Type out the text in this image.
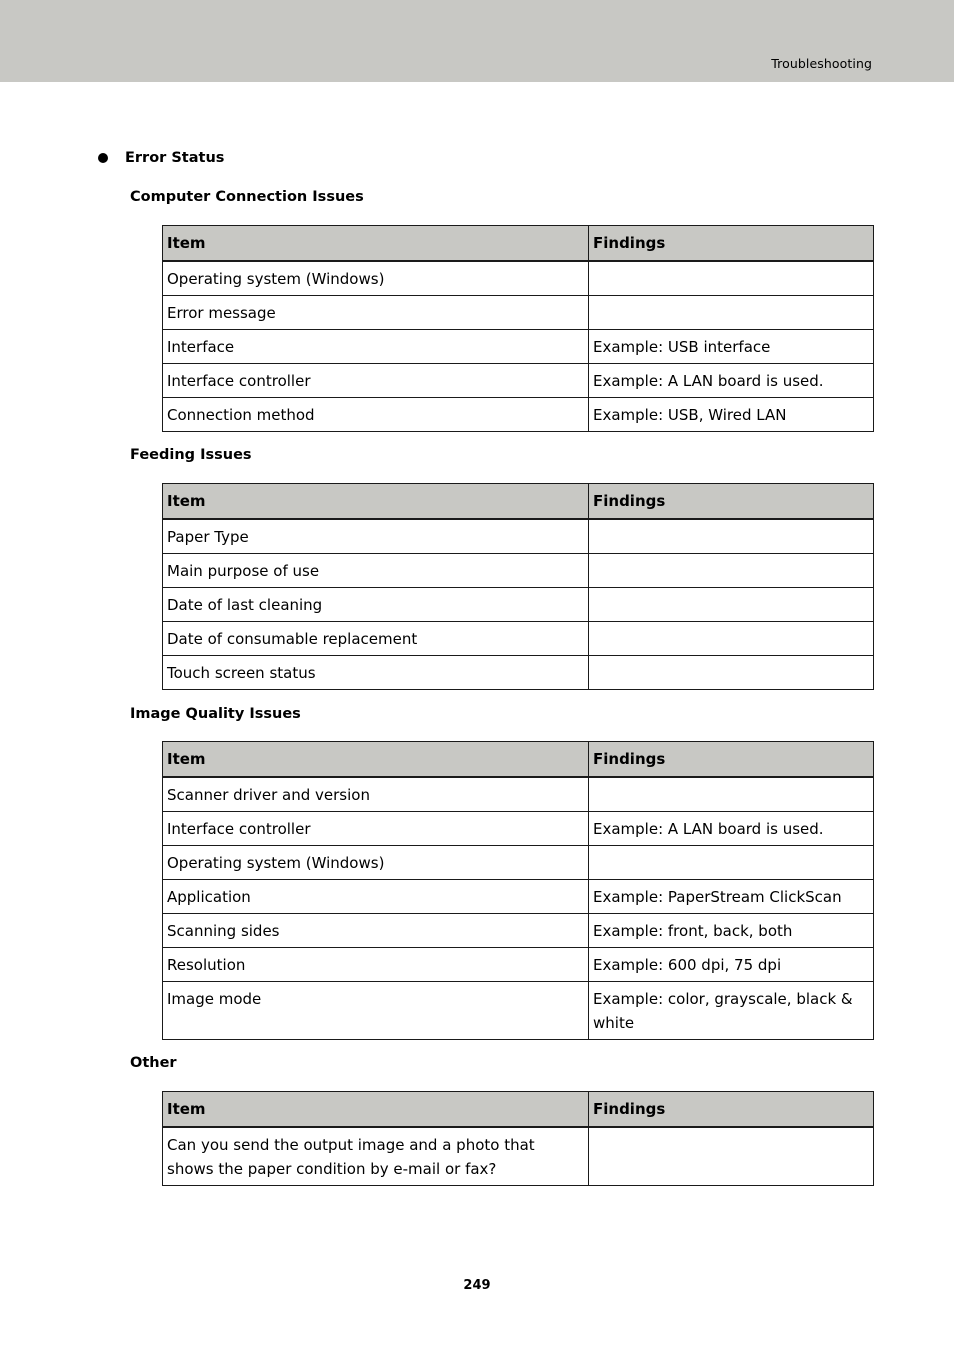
Troubleshooting
Error Status
Computer Connection Issues
Item	Findings
Operating system (Windows)	
Error message	
Interface	Example: USB interface
Interface controller	Example: A LAN board is used.
Connection method	Example: USB, Wired LAN
Feeding Issues
Item	Findings
Paper Type	
Main purpose of use	
Date of last cleaning	
Date of consumable replacement	
Touch screen status	
Image Quality Issues
Item	Findings
Scanner driver and version	
Interface controller	Example: A LAN board is used.
Operating system (Windows)	
Application	Example: PaperStream ClickScan
Scanning sides	Example: front, back, both
Resolution	Example: 600 dpi, 75 dpi
Image mode	Example: color, grayscale, black & white
Other
Item	Findings
Can you send the output image and a photo that shows the paper condition by e-mail or fax?	
249
